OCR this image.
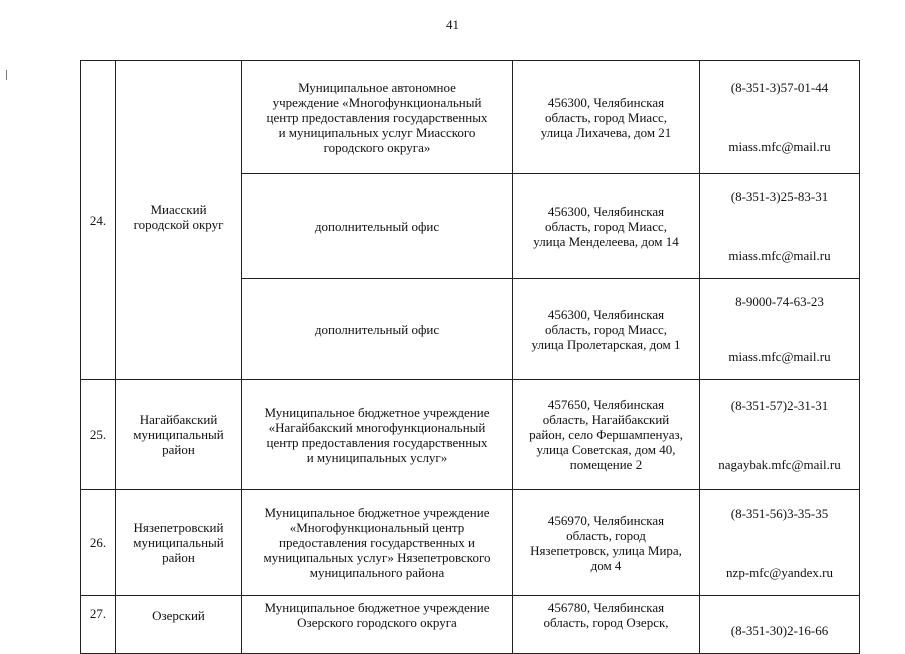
41
24.	Миасский
городской округ	Муниципальное автономное
учреждение «Многофункциональный
центр предоставления государственных
и муниципальных услуг Миасского
городского округа»	456300, Челябинская
область, город Миасс,
улица Лихачева, дом 21	(8-351-3)57-01-44

miass.mfc@mail.ru

		дополнительный офис	456300, Челябинская
область, город Миасс,
улица Менделеева, дом 14	(8-351-3)25-83-31

miass.mfc@mail.ru

		дополнительный офис	456300, Челябинская
область, город Миасс,
улица Пролетарская, дом 1	8-9000-74-63-23

miass.mfc@mail.ru

25.	Нагайбакский
муниципальный
район	Муниципальное бюджетное учреждение
«Нагайбакский многофункциональный
центр предоставления государственных
и муниципальных услуг»	457650, Челябинская
область, Нагайбакский
район, село Фершампенуаз,
улица Советская, дом 40,
помещение 2	(8-351-57)2-31-31

nagaybak.mfc@mail.ru

26.	Нязепетровский
муниципальный
район	Муниципальное бюджетное учреждение
«Многофункциональный центр
предоставления государственных и
муниципальных услуг» Нязепетровского
муниципального района	456970, Челябинская
область, город
Нязепетровск, улица Мира,
дом 4	(8-351-56)3-35-35

nzp-mfc@yandex.ru

27.	Озерский	Муниципальное бюджетное учреждение
Озерского городского округа	456780, Челябинская
область, город Озерск,	(8-351-30)2-16-66
